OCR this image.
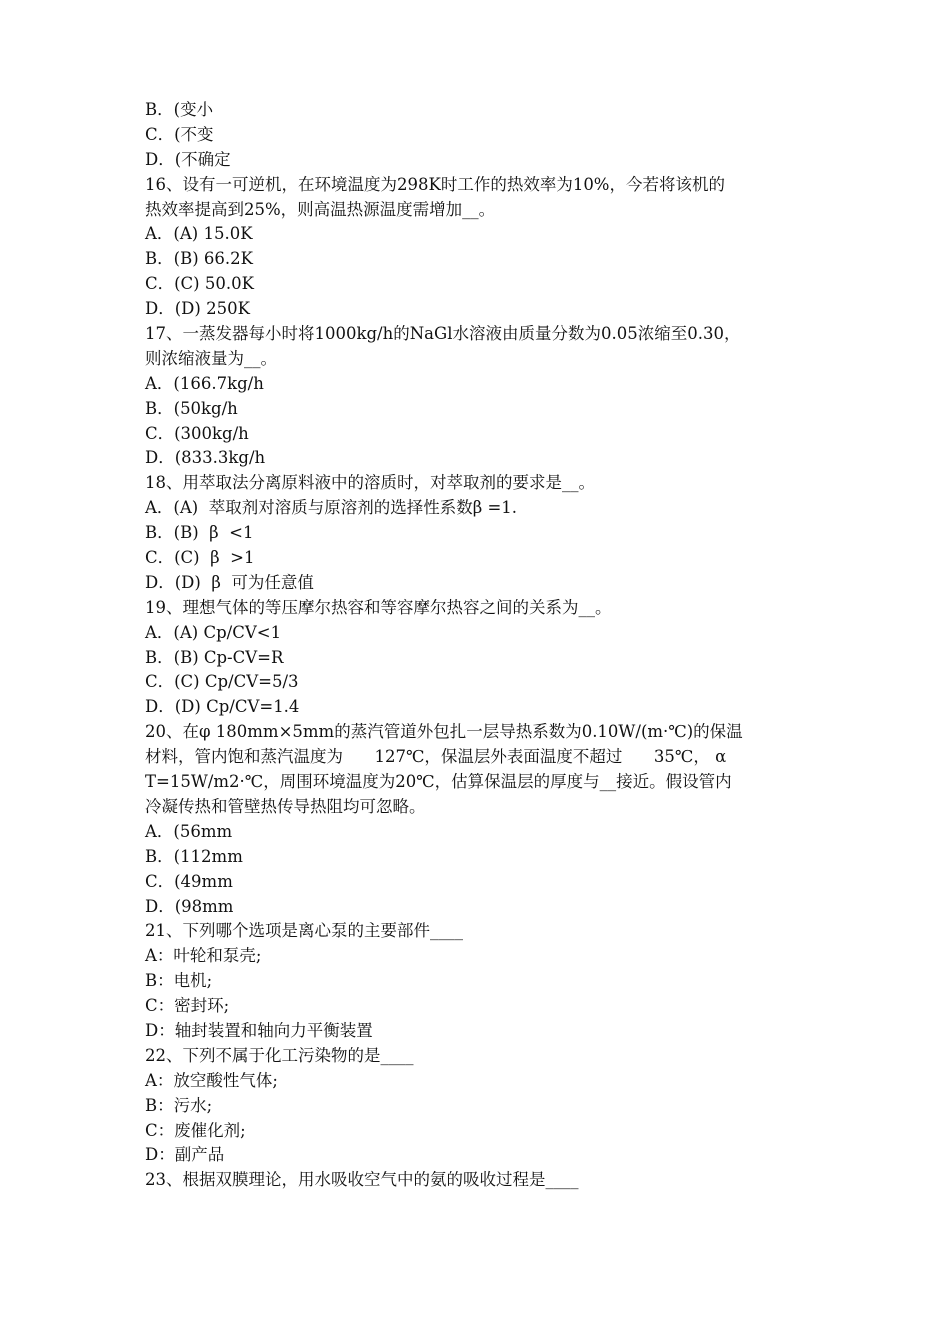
B．(变小
C．(不变
D．(不确定
16、设有一可逆机，在环境温度为298K时工作的热效率为10%，今若将该机的
热效率提高到25%，则高温热源温度需增加__。
A．(A) 15.0K
B．(B) 66.2K
C．(C) 50.0K
D．(D) 250K
17、一蒸发器每小时将1000kg/h的NaGl水溶液由质量分数为0.05浓缩至0.30，
则浓缩液量为__。
A．(166.7kg/h
B．(50kg/h
C．(300kg/h
D．(833.3kg/h
18、用萃取法分离原料液中的溶质时，对萃取剂的要求是__。
A．(A)  萃取剂对溶质与原溶剂的选择性系数β =1.
B．(B)  β  <1
C．(C)  β  >1
D．(D)  β  可为任意值
19、理想气体的等压摩尔热容和等容摩尔热容之间的关系为__。
A．(A) Cp/CV<1
B．(B) Cp-CV=R
C．(C) Cp/CV=5/3
D．(D) Cp/CV=1.4
20、在φ 180mm×5mm的蒸汽管道外包扎一层导热系数为0.10W/(m·℃)的保温
材料，管内饱和蒸汽温度为      127℃，保温层外表面温度不超过      35℃， α
T=15W/m2·℃，周围环境温度为20℃，估算保温层的厚度与__接近。假设管内
冷凝传热和管壁热传导热阻均可忽略。
A．(56mm
B．(112mm
C．(49mm
D．(98mm
21、下列哪个选项是离心泵的主要部件____
A：叶轮和泵壳;
B：电机;
C：密封环;
D：轴封装置和轴向力平衡装置
22、下列不属于化工污染物的是____
A：放空酸性气体;
B：污水;
C：废催化剂;
D：副产品
23、根据双膜理论，用水吸收空气中的氨的吸收过程是____
